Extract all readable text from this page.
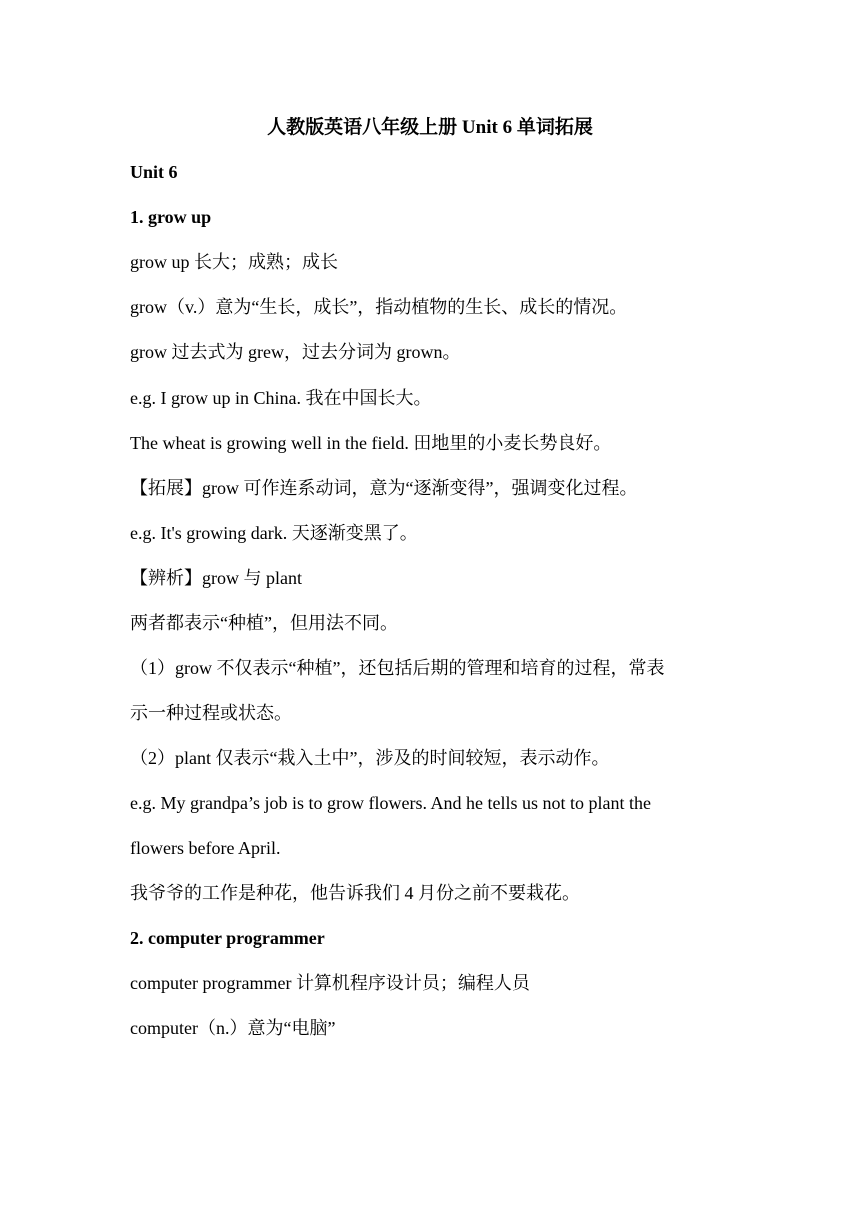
人教版英语八年级上册 Unit 6 单词拓展
Unit 6
1. grow up
grow up 长大；成熟；成长
grow（v.）意为“生长，成长”，指动植物的生长、成长的情况。
grow 过去式为 grew，过去分词为 grown。
e.g. I grow up in China. 我在中国长大。
The wheat is growing well in the field. 田地里的小麦长势良好。
【拓展】grow 可作连系动词，意为“逐渐变得”，强调变化过程。
e.g. It's growing dark. 天逐渐变黑了。
【辨析】grow 与 plant
两者都表示“种植”，但用法不同。
（1）grow 不仅表示“种植”，还包括后期的管理和培育的过程，常表
示一种过程或状态。
（2）plant 仅表示“栽入土中”，涉及的时间较短，表示动作。
e.g. My grandpa’s job is to grow flowers. And he tells us not to plant the
flowers before April.
我爷爷的工作是种花，他告诉我们 4 月份之前不要栽花。
2. computer programmer
computer programmer 计算机程序设计员；编程人员
computer（n.）意为“电脑”
